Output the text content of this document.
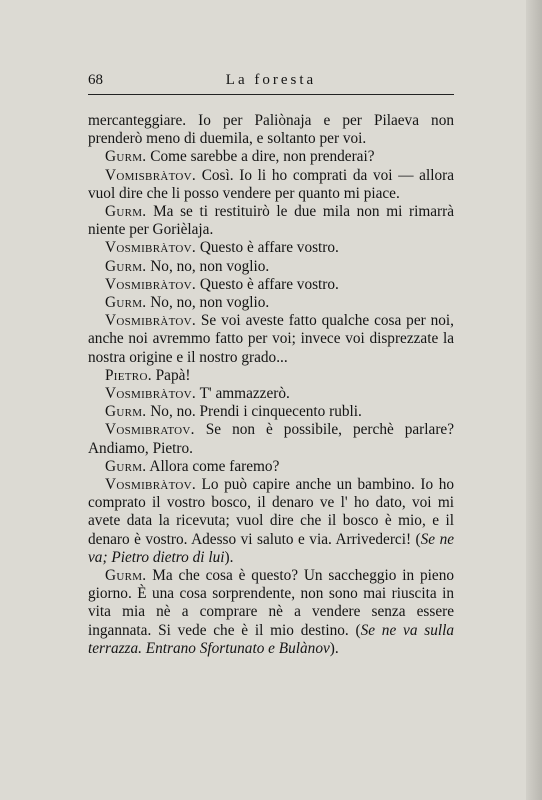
68	La foresta

mercanteggiare. Io per Paliònaja e per Pilaeva non prenderò meno di duemila, e soltanto per voi.

Gurm. Come sarebbe a dire, non prenderai?

Vomisbràtov. Così. Io li ho comprati da voi — allora vuol dire che li posso vendere per quanto mi piace.

Gurm. Ma se ti restituirò le due mila non mi rimarrà niente per Gorièlaja.

Vosmibràtov. Questo è affare vostro.

Gurm. No, no, non voglio.

Vosmibràtov. Questo è affare vostro.

Gurm. No, no, non voglio.

Vosmibràtov. Se voi aveste fatto qualche cosa per noi, anche noi avremmo fatto per voi; invece voi disprezzate la nostra origine e il nostro grado...

Pietro. Papà!

Vosmibràtov. T' ammazzerò.

Gurm. No, no. Prendi i cinquecento rubli.

Vosmibratov. Se non è possibile, perchè parlare? Andiamo, Pietro.

Gurm. Allora come faremo?

Vosmibràtov. Lo può capire anche un bambino. Io ho comprato il vostro bosco, il denaro ve l' ho dato, voi mi avete data la ricevuta; vuol dire che il bosco è mio, e il denaro è vostro. Adesso vi saluto e via. Arrivederci! (Se ne va; Pietro dietro di lui).

Gurm. Ma che cosa è questo? Un saccheggio in pieno giorno. È una cosa sorprendente, non sono mai riuscita in vita mia nè a comprare nè a vendere senza essere ingannata. Si vede che è il mio destino. (Se ne va sulla terrazza. Entrano Sfortunato e Bulànov).
